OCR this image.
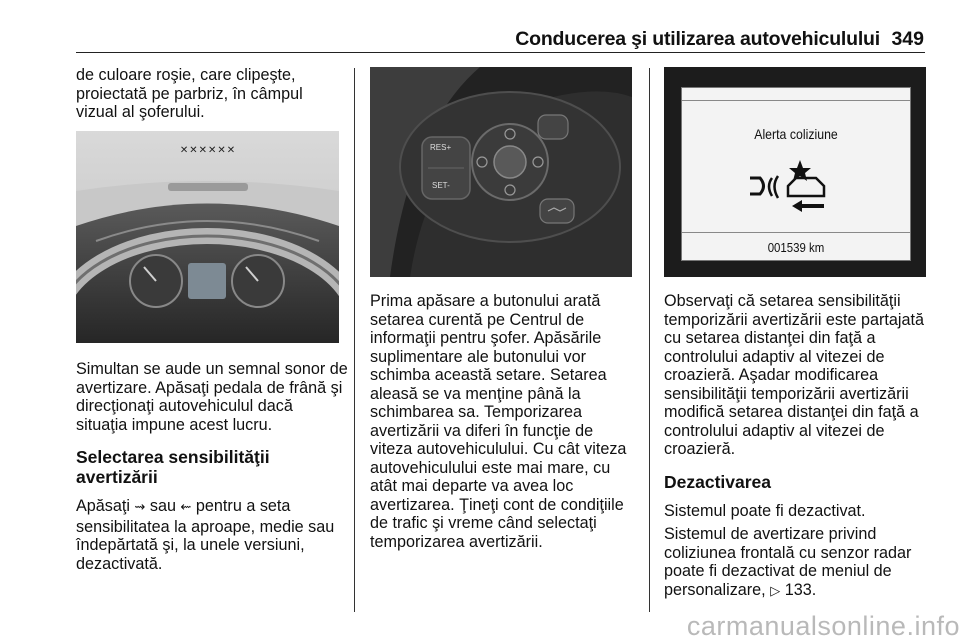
Conducerea şi utilizarea autovehiculului 349

de culoare roşie, care clipeşte, proiectată pe parbriz, în câmpul vizual al şoferului.

✕✕✕✕✕✕

Simultan se aude un semnal sonor de avertizare. Apăsaţi pedala de frână şi direcţionaţi autovehiculul dacă situaţia impune acest lucru.

Selectarea sensibilităţii avertizării

Apăsaţi ⇝ sau ⇜ pentru a seta sensibilitatea la aproape, medie sau îndepărtată şi, la unele versiuni, dezactivată.

RES+
SET-

Prima apăsare a butonului arată setarea curentă pe Centrul de informaţii pentru şofer. Apăsările suplimentare ale butonului vor schimba această setare. Setarea aleasă se va menţine până la schimbarea sa. Temporizarea avertizării va diferi în funcţie de viteza autovehiculului. Cu cât viteza autovehiculului este mai mare, cu atât mai departe va avea loc avertizarea. Ţineţi cont de condiţiile de trafic şi vreme când selectaţi temporizarea avertizării.

Alerta coliziune
001539 km

Observaţi că setarea sensibilităţii temporizării avertizării este partajată cu setarea distanţei din faţă a controlului adaptiv al vitezei de croazieră. Aşadar modificarea sensibilităţii temporizării avertizării modifică setarea distanţei din faţă a controlului adaptiv al vitezei de croazieră.

Dezactivarea

Sistemul poate fi dezactivat.

Sistemul de avertizare privind coliziunea frontală cu senzor radar poate fi dezactivat de meniul de personalizare, ▷ 133.

carmanualsonline.info
